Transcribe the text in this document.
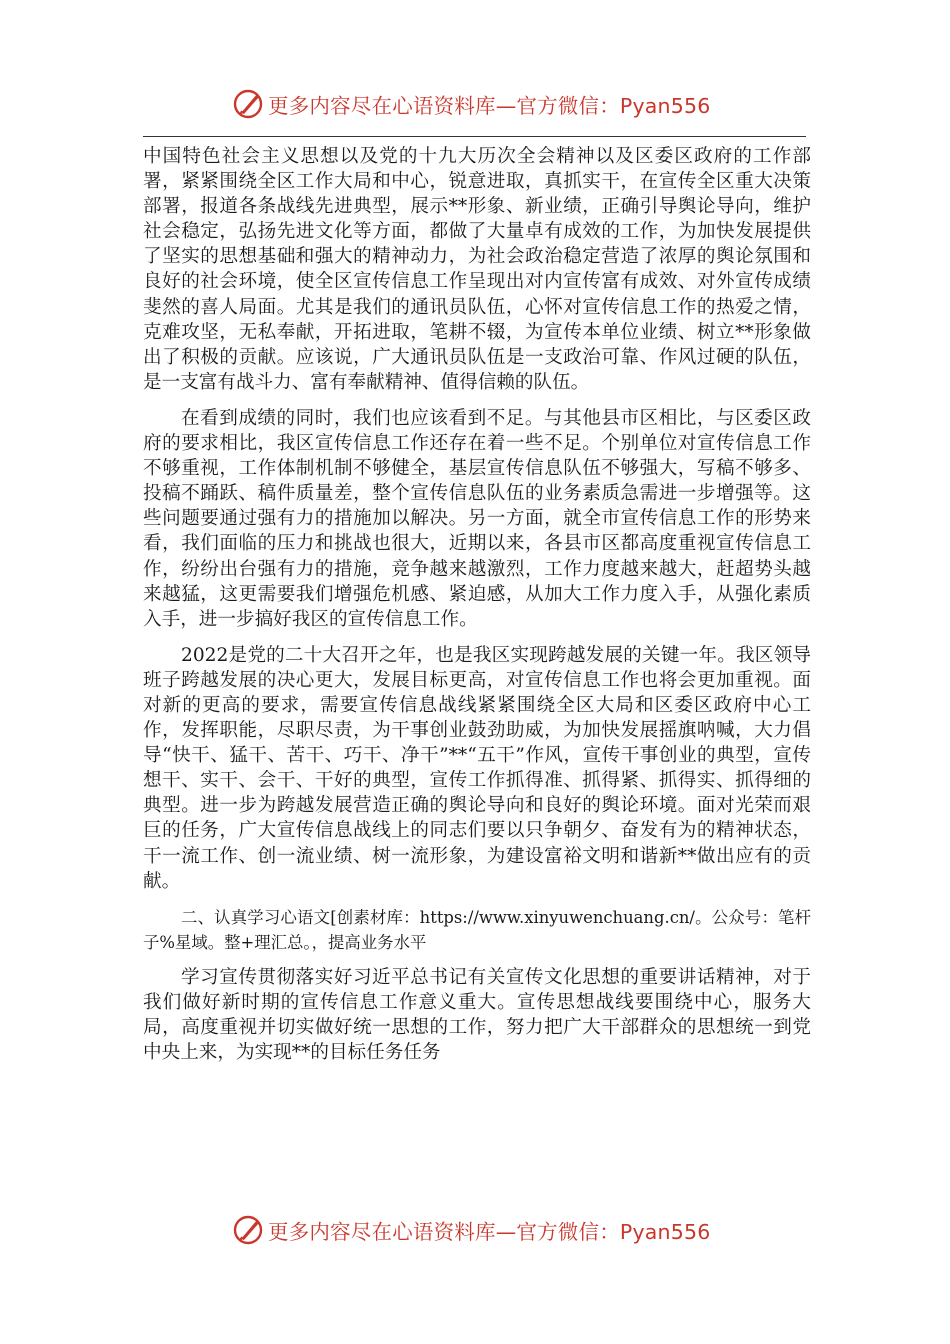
更多内容尽在心语资料库—官方微信：Pyan556

中国特色社会主义思想以及党的十九大历次全会精神以及区委区政府的工作部署，紧紧围绕全区工作大局和中心，锐意进取，真抓实干，在宣传全区重大决策部署，报道各条战线先进典型，展示**形象、新业绩，正确引导舆论导向，维护社会稳定，弘扬先进文化等方面，都做了大量卓有成效的工作，为加快发展提供了坚实的思想基础和强大的精神动力，为社会政治稳定营造了浓厚的舆论氛围和良好的社会环境，使全区宣传信息工作呈现出对内宣传富有成效、对外宣传成绩斐然的喜人局面。尤其是我们的通讯员队伍，心怀对宣传信息工作的热爱之情，克难攻坚，无私奉献，开拓进取，笔耕不辍，为宣传本单位业绩、树立**形象做出了积极的贡献。应该说，广大通讯员队伍是一支政治可靠、作风过硬的队伍，是一支富有战斗力、富有奉献精神、值得信赖的队伍。

在看到成绩的同时，我们也应该看到不足。与其他县市区相比，与区委区政府的要求相比，我区宣传信息工作还存在着一些不足。个别单位对宣传信息工作不够重视，工作体制机制不够健全，基层宣传信息队伍不够强大，写稿不够多、投稿不踊跃、稿件质量差，整个宣传信息队伍的业务素质急需进一步增强等。这些问题要通过强有力的措施加以解决。另一方面，就全市宣传信息工作的形势来看，我们面临的压力和挑战也很大，近期以来，各县市区都高度重视宣传信息工作，纷纷出台强有力的措施，竞争越来越激烈，工作力度越来越大，赶超势头越来越猛，这更需要我们增强危机感、紧迫感，从加大工作力度入手，从强化素质入手，进一步搞好我区的宣传信息工作。

2022是党的二十大召开之年，也是我区实现跨越发展的关键一年。我区领导班子跨越发展的决心更大，发展目标更高，对宣传信息工作也将会更加重视。面对新的更高的要求，需要宣传信息战线紧紧围绕全区大局和区委区政府中心工作，发挥职能，尽职尽责，为干事创业鼓劲助威，为加快发展摇旗呐喊，大力倡导“快干、猛干、苦干、巧干、净干”**“五干”作风，宣传干事创业的典型，宣传想干、实干、会干、干好的典型，宣传工作抓得准、抓得紧、抓得实、抓得细的典型。进一步为跨越发展营造正确的舆论导向和良好的舆论环境。面对光荣而艰巨的任务，广大宣传信息战线上的同志们要以只争朝夕、奋发有为的精神状态，干一流工作、创一流业绩、树一流形象，为建设富裕文明和谐新**做出应有的贡献。

二、认真学习心语文[创素材库：https://www.xinyuwenchuang.cn/。公众号：笔杆子%星域。整+理汇总。，提高业务水平

学习宣传贯彻落实好习近平总书记有关宣传文化思想的重要讲话精神，对于我们做好新时期的宣传信息工作意义重大。宣传思想战线要围绕中心，服务大局，高度重视并切实做好统一思想的工作，努力把广大干部群众的思想统一到党中央上来，为实现**的目标任务任务

更多内容尽在心语资料库—官方微信：Pyan556
